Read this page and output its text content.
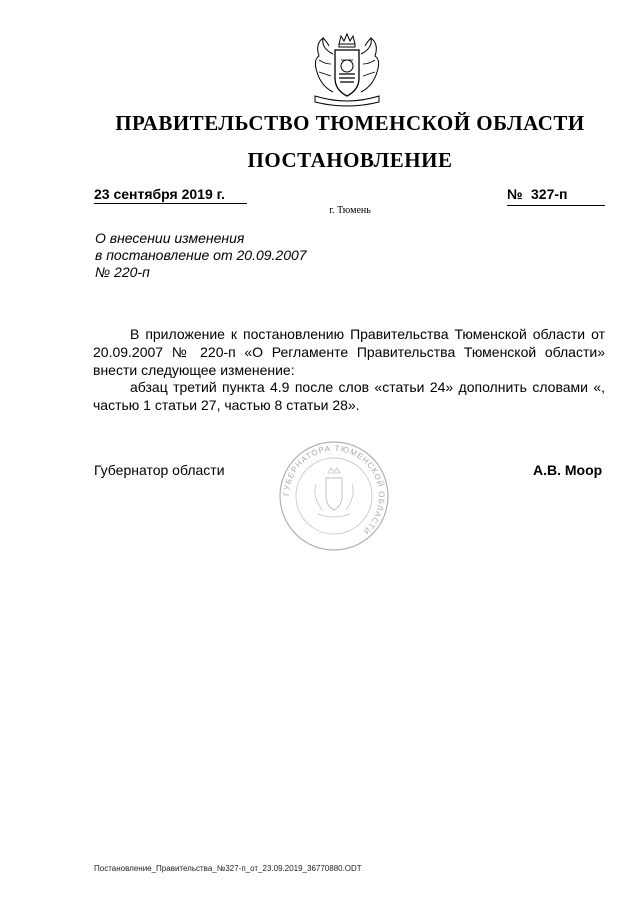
ПРАВИТЕЛЬСТВО ТЮМЕНСКОЙ ОБЛАСТИ
ПОСТАНОВЛЕНИЕ
23 сентября 2019 г.	№ 327-п
г. Тюмень
О внесении изменения
в постановление от 20.09.2007
№ 220-п
В приложение к постановлению Правительства Тюменской области от 20.09.2007 № 220-п «О Регламенте Правительства Тюменской области» внести следующее изменение:
абзац третий пункта 4.9 после слов «статьи 24» дополнить словами «, частью 1 статьи 27, частью 8 статьи 28».
Губернатор области	А.В. Моор
ГУБЕРНАТОРА ТЮМЕНСКОЙ ОБЛАСТИ
Постановление_Правительства_№327-п_от_23.09.2019_36770880.ODT
